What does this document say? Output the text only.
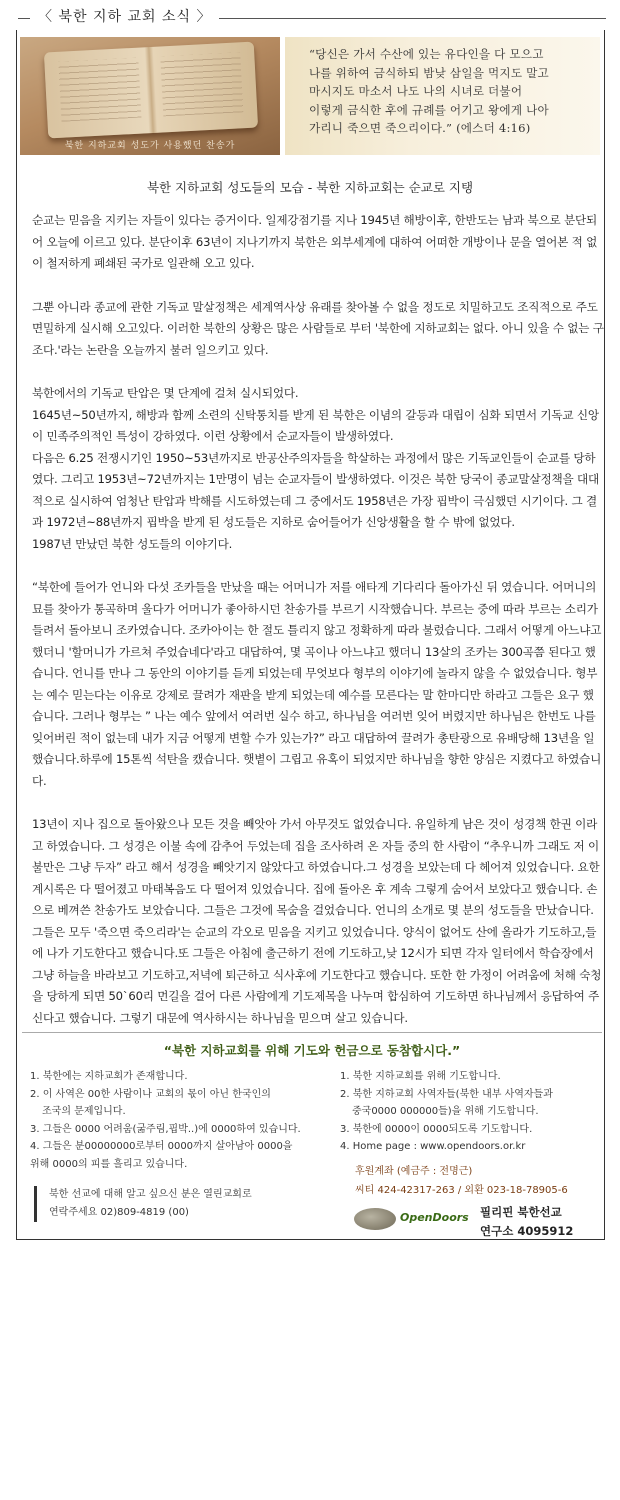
〈 북한 지하 교회 소식 〉
북한 지하교회 성도가 사용했던 찬송가

“당신은 가서 수산에 있는 유다인을 다 모으고
나를 위하여 금식하되 밤낮 삼일을 먹지도 말고
마시지도 마소서 나도 나의 시녀로 더불어
이렇게 금식한 후에 규례를 어기고 왕에게 나아
가리니 죽으면 죽으리이다.” (에스더 4:16)

북한 지하교회 성도들의 모습 - 북한 지하교회는 순교로 지탱

순교는 믿음을 지키는 자들이 있다는 증거이다. 일제강점기를 지나 1945년 해방이후, 한반도는 남과 북으로 분단되어 오늘에 이르고 있다. 분단이후 63년이 지나기까지 북한은 외부세계에 대하여 어떠한 개방이나 문을 열어본 적 없이 철저하게 폐쇄된 국가로 일관해 오고 있다.

그뿐 아니라 종교에 관한 기독교 말살정책은 세계역사상 유래를 찾아볼 수 없을 정도로 치밀하고도 조직적으로 주도면밀하게 실시해 오고있다. 이러한 북한의 상황은 많은 사람들로 부터 '북한에 지하교회는 없다. 아니 있을 수 없는 구조다.'라는 논란을 오늘까지 불러 일으키고 있다.

북한에서의 기독교 탄압은 몇 단계에 걸쳐 실시되었다.
1645년~50년까지, 해방과 함께 소련의 신탁통치를 받게 된 북한은 이념의 갈등과 대립이 심화 되면서 기독교 신앙이 민족주의적인 특성이 강하였다. 이런 상황에서 순교자들이 발생하였다.
다음은 6.25 전쟁시기인 1950~53년까지로 반공산주의자들을 학살하는 과정에서 많은 기독교인들이 순교를 당하였다. 그리고 1953년~72년까지는 1만명이 넘는 순교자들이 발생하였다. 이것은 북한 당국이 종교말살정책을 대대적으로 실시하여 엄청난 탄압과 박해를 시도하였는데 그 중에서도 1958년은 가장 핍박이 극심했던 시기이다. 그 결과 1972년~88년까지 핍박을 받게 된 성도들은 지하로 숨어들어가 신앙생활을 할 수 밖에 없었다.
1987년 만났던 북한 성도들의 이야기다.

“북한에 들어가 언니와 다섯 조카들을 만났을 때는 어머니가 저를 애타게 기다리다 돌아가신 뒤 였습니다. 어머니의 묘를 찾아가 통곡하며 울다가 어머니가 좋아하시던 찬송가를 부르기 시작했습니다. 부르는 중에 따라 부르는 소리가 들려서 돌아보니 조카였습니다. 조카아이는 한 절도 틀리지 않고 정확하게 따라 불렀습니다. 그래서 어떻게 아느냐고 했더니 '할머니가 가르쳐 주었습네다'라고 대답하여, 몇 곡이나 아느냐고 했더니 13살의 조카는 300곡쯤 된다고 했습니다. 언니를 만나 그 동안의 이야기를 듣게 되었는데 무엇보다 형부의 이야기에 놀라지 않을 수 없었습니다. 형부는 예수 믿는다는 이유로 강제로 끌려가 재판을 받게 되었는데 예수를 모른다는 말 한마디만 하라고 그들은 요구 했습니다. 그러나 형부는 ” 나는 예수 앞에서 여러번 실수 하고, 하나님을 여러번 잊어 버렸지만 하나님은 한번도 나를 잊어버린 적이 없는데 내가 지금 어떻게 변할 수가 있는가?” 라고 대답하여 끌려가 총탄광으로 유배당해 13년을 일했습니다.하루에 15톤씩 석탄을 캤습니다. 햇볕이 그립고 유혹이 되었지만 하나님을 향한 양심은 지켰다고 하였습니다.

13년이 지나 집으로 돌아왔으나 모든 것을 빼앗아 가서 아무것도 없었습니다. 유일하게 남은 것이 성경책 한권 이라고 하였습니다. 그 성경은 이불 속에 감추어 두었는데 집을 조사하려 온 자들 중의 한 사람이 “추우니까 그래도 저 이불만은 그냥 두자” 라고 해서 성경을 빼앗기지 않았다고 하였습니다.그 성경을 보았는데 다 헤어져 있었습니다. 요한계시록은 다 떨어졌고 마태복음도 다 떨어져 있었습니다. 집에 돌아온 후 계속 그렇게 숨어서 보았다고 했습니다. 손으로 베껴쓴 찬송가도 보았습니다. 그들은 그것에 목숨을 걸었습니다. 언니의 소개로 몇 분의 성도들을 만났습니다.그들은 모두 '죽으면 죽으리라'는 순교의 각오로 믿음을 지키고 있었습니다. 양식이 없어도 산에 올라가 기도하고,들에 나가 기도한다고 했습니다.또 그들은 아침에 출근하기 전에 기도하고,낮 12시가 되면 각자 일터에서 학습장에서 그냥 하늘을 바라보고 기도하고,저녁에 퇴근하고 식사후에 기도한다고 했습니다. 또한 한 가정이 어려움에 처해 숙청을 당하게 되면 50`60리 먼길을 걸어 다른 사람에게 기도제목을 나누며 합심하여 기도하면 하나님께서 응답하여 주신다고 했습니다. 그렇기 대문에 역사하시는 하나님을 믿으며 살고 있습니다.

“북한 지하교회를 위해 기도와 헌금으로 동참합시다.”
1. 북한에는 지하교회가 존재합니다.
2. 이 사역은 00한 사람이나 교회의 몫이 아닌 한국인의
조국의 문제입니다.
3. 그들은 0000 어려움(굶주림,핍박..)에 0000하여 있습니다.
4. 그들은 분00000000로부터 0000까지 살아남아 0000을
위해 0000의 피를 흘리고 있습니다.
1. 북한 지하교회를 위해 기도합니다.
2. 북한 지하교회 사역자들(북한 내부 사역자들과
중국0000 000000들)을 위해 기도합니다.
3. 북한에 0000이 0000되도록 기도합니다.
4. Home page : www.opendoors.or.kr
북한 선교에 대해 알고 싶으신 분은 열린교회로
연락주세요 02)809-4819 (00)
후원계좌 (예금주 : 전명근)
씨티 424-42317-263 / 외환 023-18-78905-6
OpenDoors 필리핀 북한선교
연구소 4095912
